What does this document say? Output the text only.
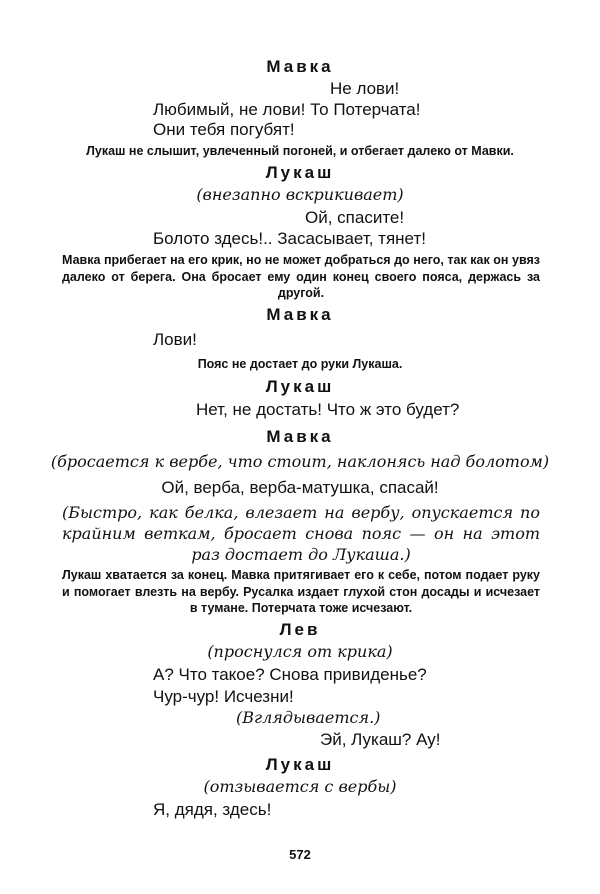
Мавка
Не лови!
Любимый, не лови! То Потерчата!
Они тебя погубят!
Лукаш не слышит, увлеченный погоней, и отбегает далеко от Мавки.
Лукаш
(внезапно вскрикивает)
Ой, спасите!
Болото здесь!.. Засасывает, тянет!
Мавка прибегает на его крик, но не может добраться до него, так как он увяз далеко от берега. Она бросает ему один конец своего пояса, держась за другой.
Мавка
Лови!
Пояс не достает до руки Лукаша.
Лукаш
Нет, не достать! Что ж это будет?
Мавка
(бросается к вербе, что стоит, наклонясь над болотом)
Ой, верба, верба-матушка, спасай!
(Быстро, как белка, влезает на вербу, опускается по крайним веткам, бросает снова пояс — он на этот раз достает до Лукаша.)
Лукаш хватается за конец. Мавка притягивает его к себе, потом подает руку и помогает влезть на вербу. Русалка издает глухой стон досады и исчезает в тумане. Потерчата тоже исчезают.
Лев
(проснулся от крика)
А? Что такое? Снова привиденье?
Чур-чур! Исчезни!
(Вглядывается.)
Эй, Лукаш? Ау!
Лукаш
(отзывается с вербы)
Я, дядя, здесь!
572
